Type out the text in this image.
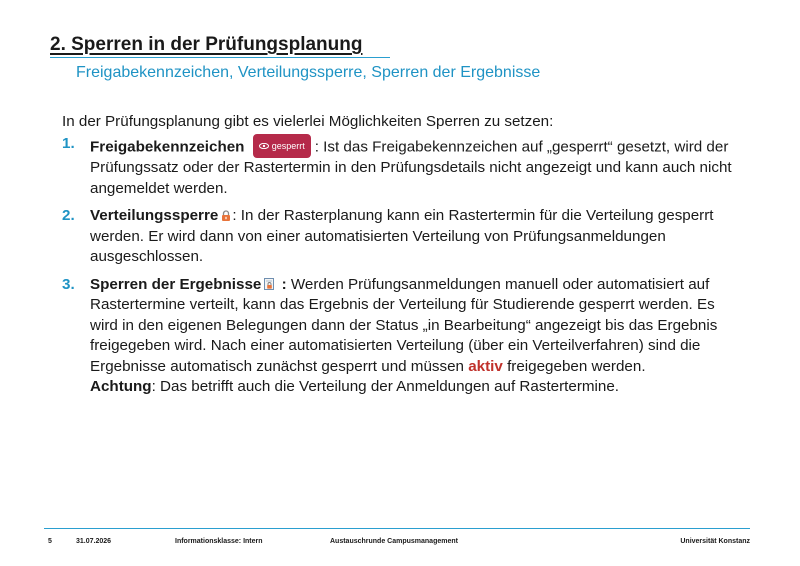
2. Sperren in der Prüfungsplanung
Freigabekennzeichen, Verteilungssperre, Sperren der Ergebnisse

In der Prüfungsplanung gibt es vielerlei Möglichkeiten Sperren zu setzen:

1. Freigabekennzeichen	gesperrt : Ist das Freigabekennzeichen auf „gesperrt“ gesetzt, wird der Prüfungssatz oder der Rastertermin in den Prüfungsdetails nicht angezeigt und kann auch nicht angemeldet werden.
2. Verteilungssperre : In der Rasterplanung kann ein Rastertermin für die Verteilung gesperrt werden. Er wird dann von einer automatisierten Verteilung von Prüfungsanmeldungen ausgeschlossen.
3. Sperren der Ergebnisse : Werden Prüfungsanmeldungen manuell oder automatisiert auf Rastertermine verteilt, kann das Ergebnis der Verteilung für Studierende gesperrt werden. Es wird in den eigenen Belegungen dann der Status „in Bearbeitung“ angezeigt bis das Ergebnis freigegeben wird. Nach einer automatisierten Verteilung (über ein Verteilverfahren) sind die Ergebnisse automatisch zunächst gesperrt und müssen aktiv freigegeben werden.
Achtung: Das betrifft auch die Verteilung der Anmeldungen auf Rastertermine.
5	31.07.2026	Informationsklasse: Intern	Austauschrunde Campusmanagement	Universität Konstanz
